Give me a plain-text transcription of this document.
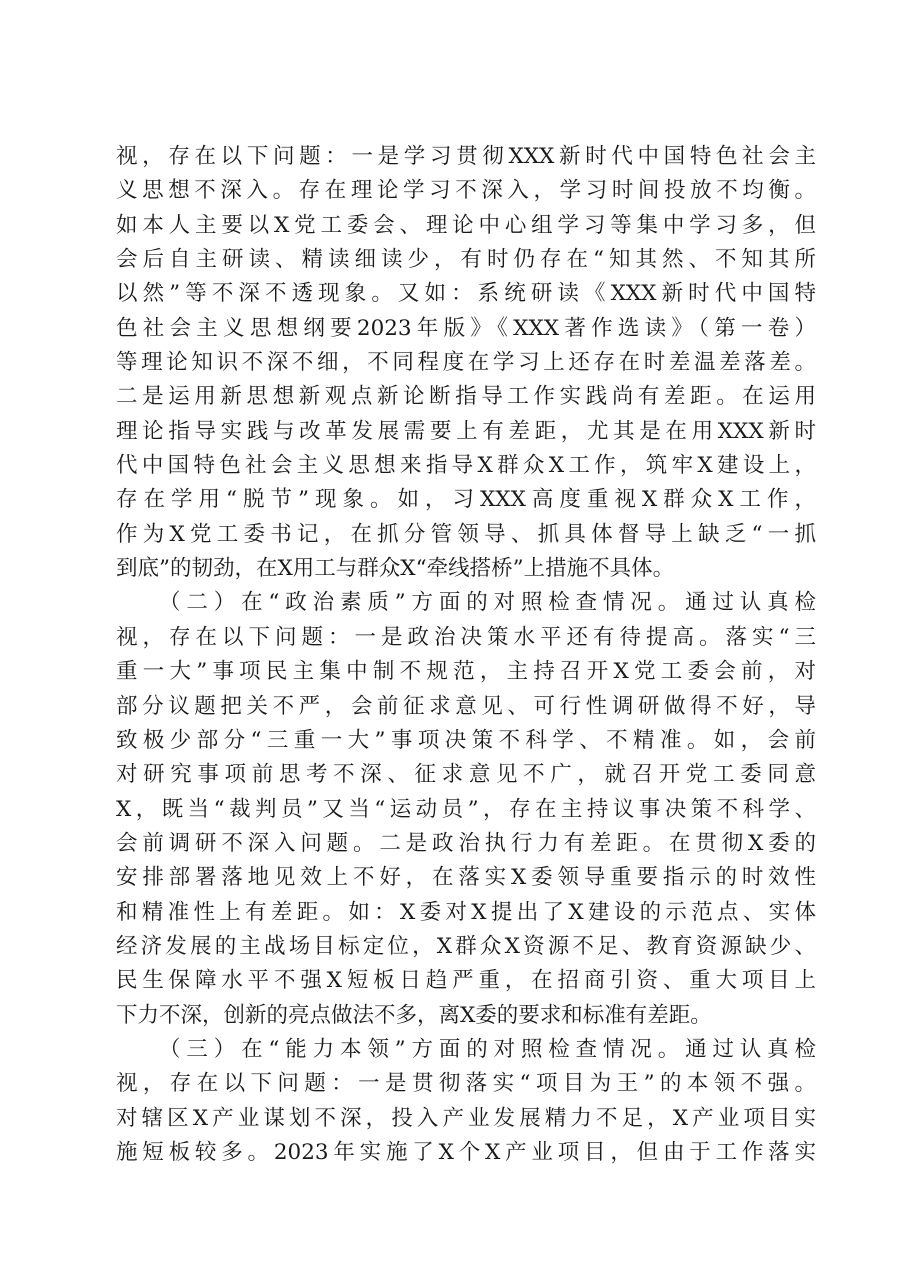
视，存在以下问题：一是学习贯彻XXX新时代中国特色社会主
义思想不深入。存在理论学习不深入，学习时间投放不均衡。
如本人主要以X党工委会、理论中心组学习等集中学习多，但
会后自主研读、精读细读少，有时仍存在“知其然、不知其所
以然”等不深不透现象。又如：系统研读《XXX新时代中国特
色社会主义思想纲要2023年版》《XXX著作选读》（第一卷）
等理论知识不深不细，不同程度在学习上还存在时差温差落差。
二是运用新思想新观点新论断指导工作实践尚有差距。在运用
理论指导实践与改革发展需要上有差距，尤其是在用XXX新时
代中国特色社会主义思想来指导X群众X工作，筑牢X建设上，
存在学用“脱节”现象。如，习XXX高度重视X群众X工作，
作为X党工委书记，在抓分管领导、抓具体督导上缺乏“一抓
到底”的韧劲，在X用工与群众X“牵线搭桥”上措施不具体。
（二）在“政治素质”方面的对照检查情况。通过认真检
视，存在以下问题：一是政治决策水平还有待提高。落实“三
重一大”事项民主集中制不规范，主持召开X党工委会前，对
部分议题把关不严，会前征求意见、可行性调研做得不好，导
致极少部分“三重一大”事项决策不科学、不精准。如，会前
对研究事项前思考不深、征求意见不广，就召开党工委同意
X，既当“裁判员”又当“运动员”，存在主持议事决策不科学、
会前调研不深入问题。二是政治执行力有差距。在贯彻X委的
安排部署落地见效上不好，在落实X委领导重要指示的时效性
和精准性上有差距。如：X委对X提出了X建设的示范点、实体
经济发展的主战场目标定位，X群众X资源不足、教育资源缺少、
民生保障水平不强X短板日趋严重，在招商引资、重大项目上
下力不深，创新的亮点做法不多，离X委的要求和标准有差距。
（三）在“能力本领”方面的对照检查情况。通过认真检
视，存在以下问题：一是贯彻落实“项目为王”的本领不强。
对辖区X产业谋划不深，投入产业发展精力不足，X产业项目实
施短板较多。2023年实施了X个X产业项目，但由于工作落实
